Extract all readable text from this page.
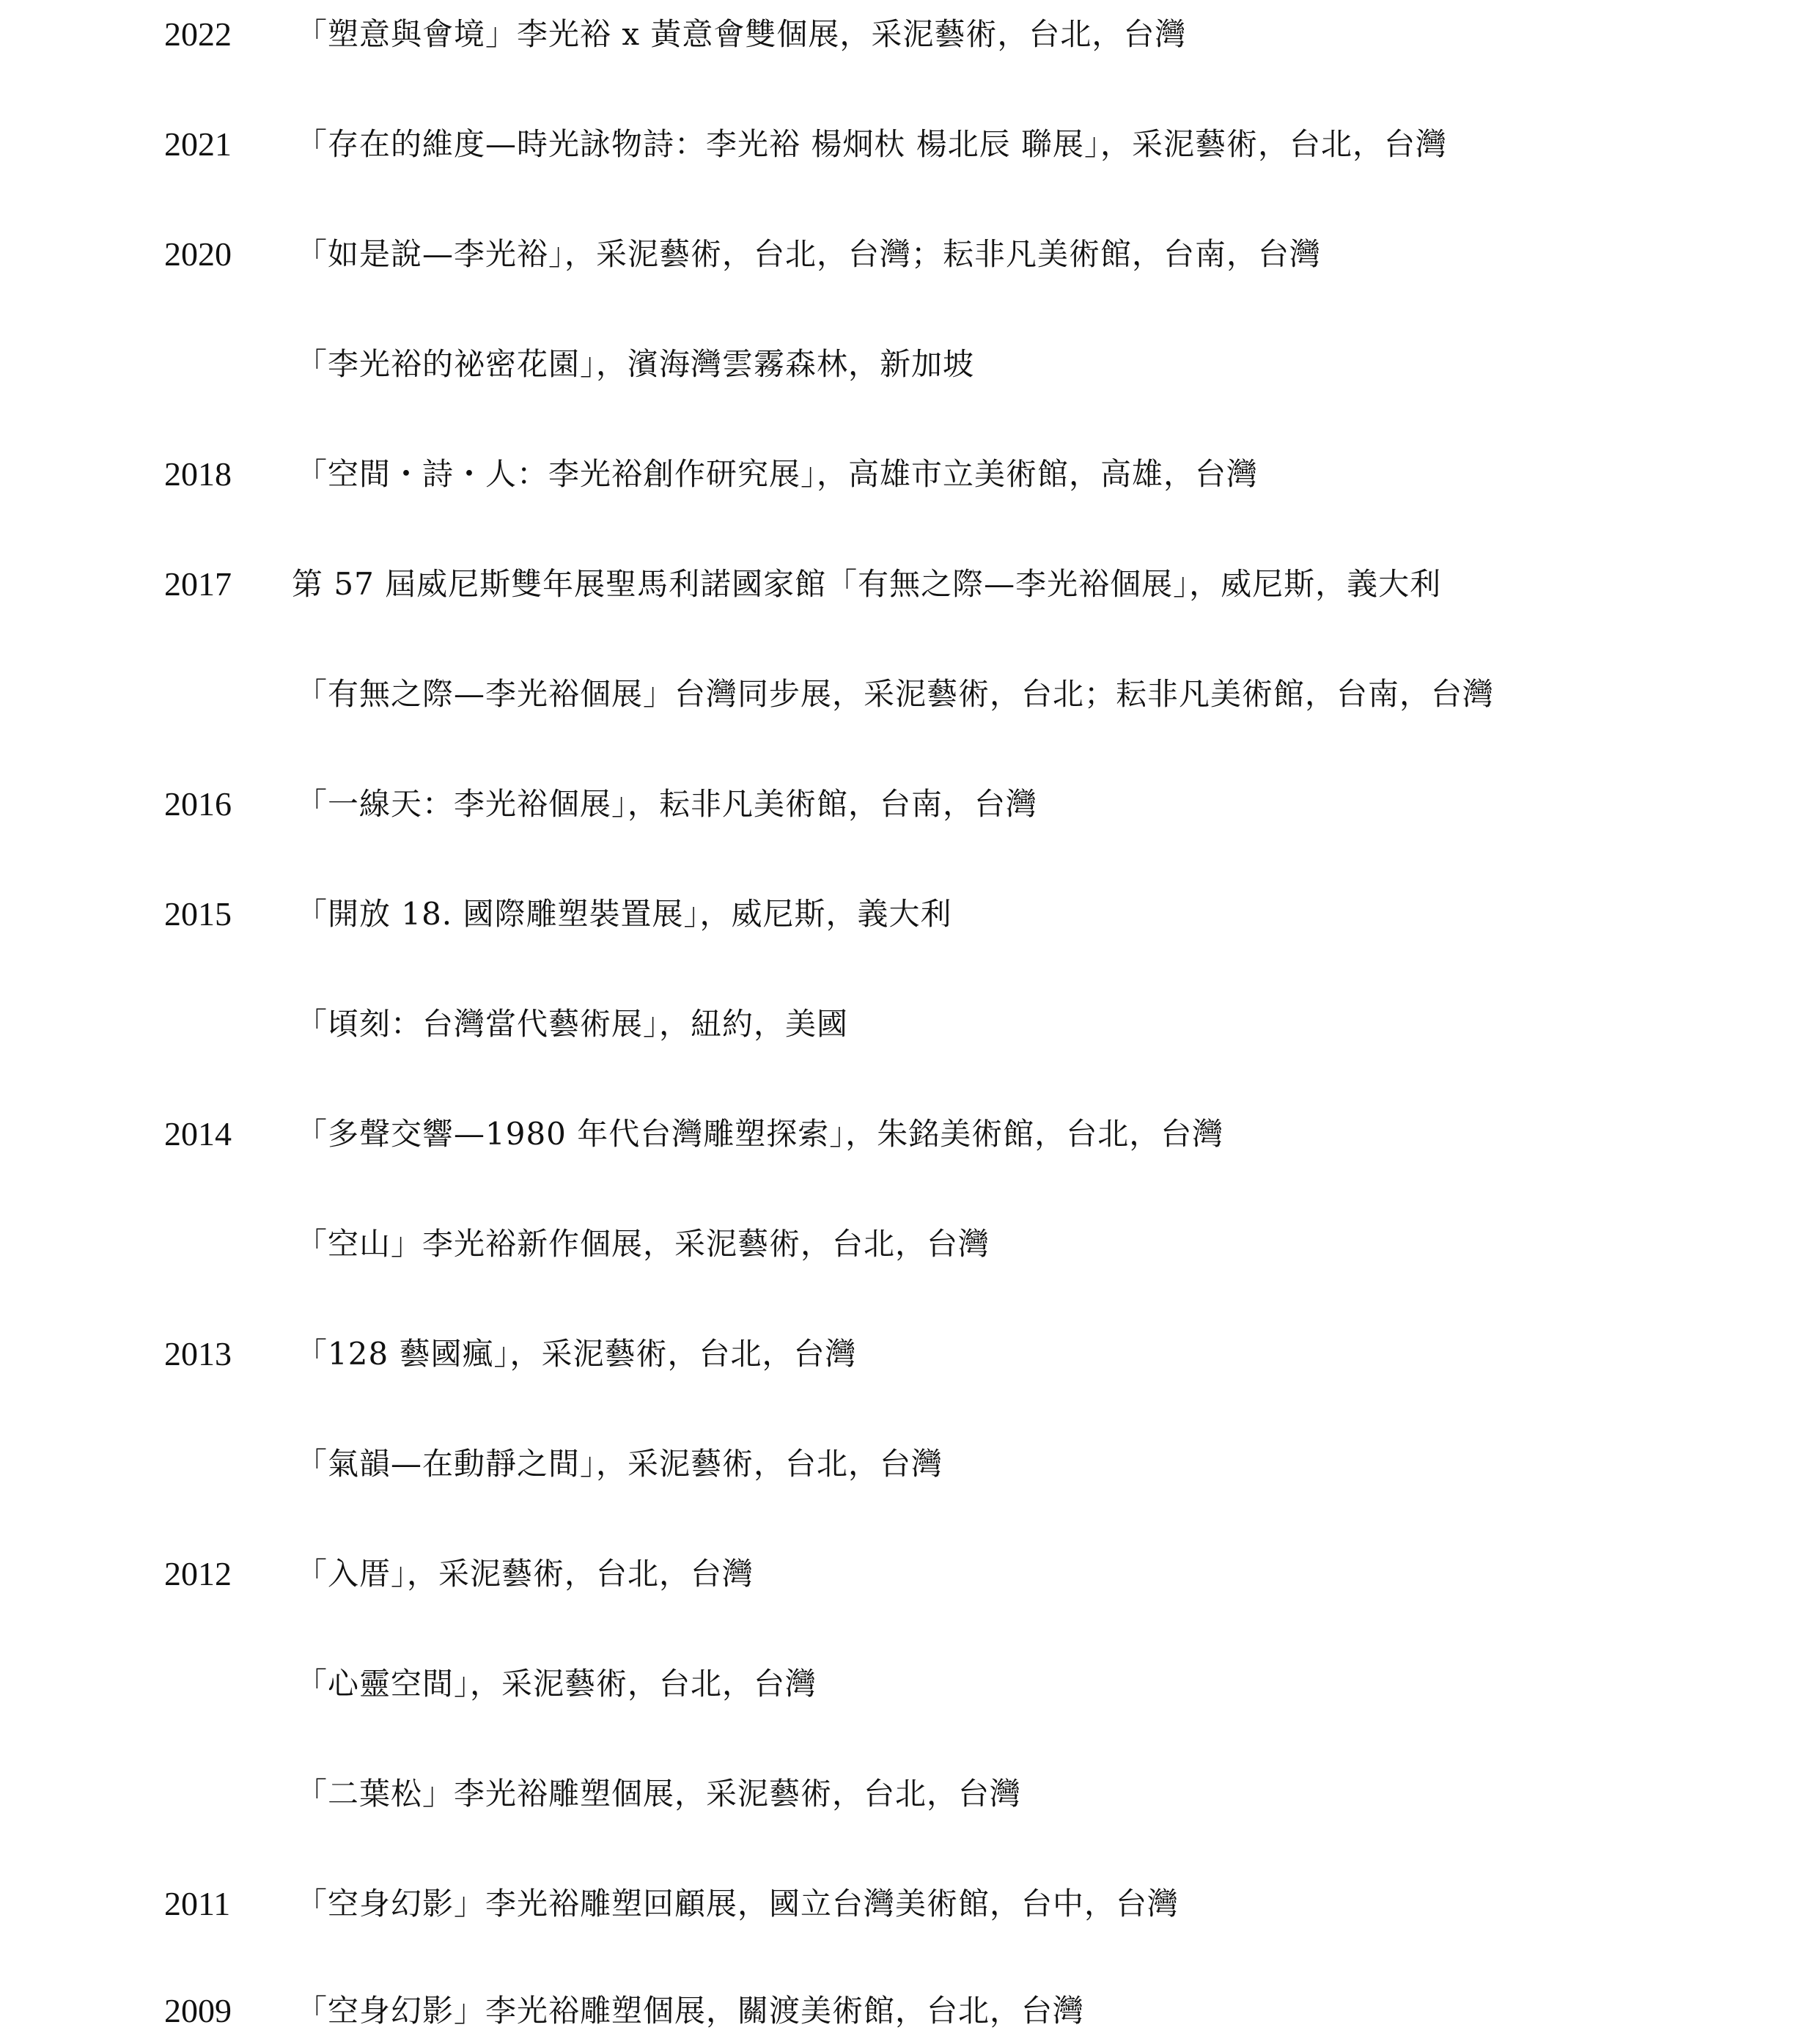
2022 「塑意與會境」李光裕 x 黃意會雙個展，采泥藝術，台北，台灣
2021 「存在的維度—時光詠物詩：李光裕 楊炯杕 楊北辰 聯展」，采泥藝術，台北，台灣
2020 「如是說—李光裕」，采泥藝術，台北，台灣；耘非凡美術館，台南，台灣
「李光裕的祕密花園」，濱海灣雲霧森林，新加坡
2018 「空間・詩・人：李光裕創作研究展」，高雄市立美術館，高雄，台灣
2017 第 57 屆威尼斯雙年展聖馬利諾國家館「有無之際—李光裕個展」，威尼斯，義大利
「有無之際—李光裕個展」台灣同步展，采泥藝術，台北；耘非凡美術館，台南，台灣
2016 「一線天：李光裕個展」，耘非凡美術館，台南，台灣
2015 「開放 18. 國際雕塑裝置展」，威尼斯，義大利
「頃刻：台灣當代藝術展」，紐約，美國
2014 「多聲交響—1980 年代台灣雕塑探索」，朱銘美術館，台北，台灣
「空山」李光裕新作個展，采泥藝術，台北，台灣
2013 「128 藝國瘋」，采泥藝術，台北，台灣
「氣韻—在動靜之間」，采泥藝術，台北，台灣
2012 「入厝」，采泥藝術，台北，台灣
「心靈空間」，采泥藝術，台北，台灣
「二葉松」李光裕雕塑個展，采泥藝術，台北，台灣
2011 「空身幻影」李光裕雕塑回顧展，國立台灣美術館，台中，台灣
2009 「空身幻影」李光裕雕塑個展，關渡美術館，台北，台灣
